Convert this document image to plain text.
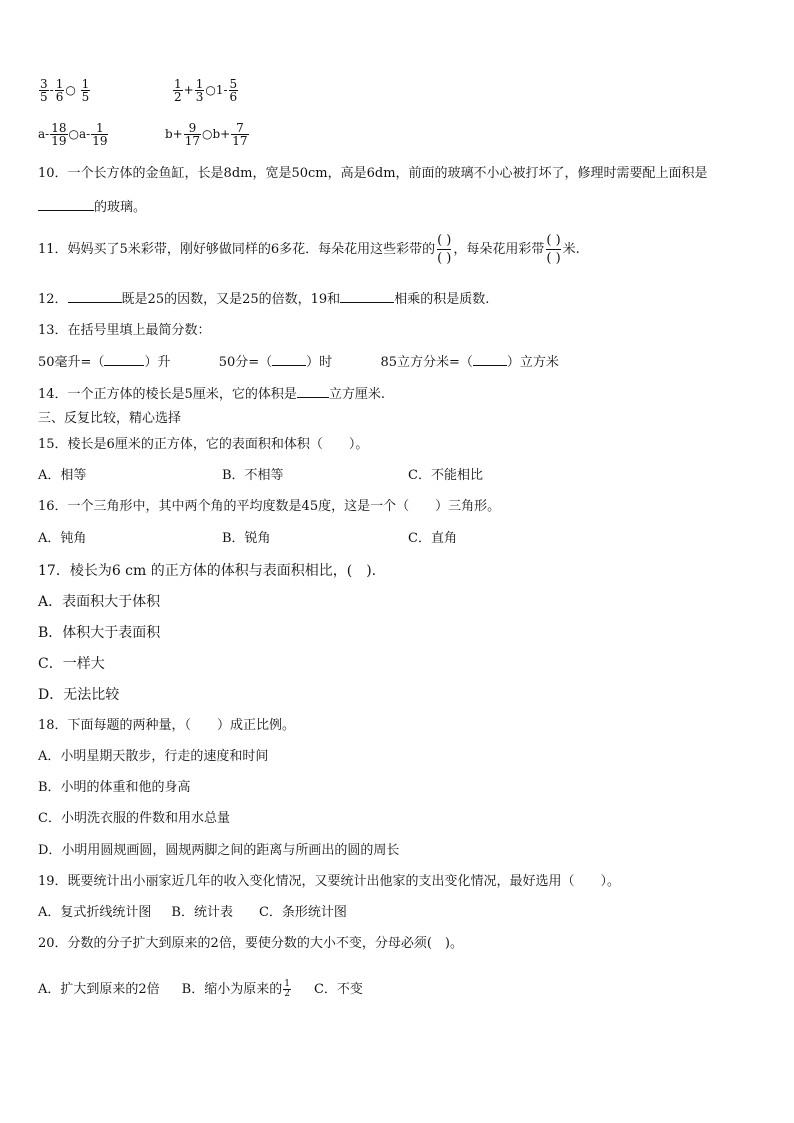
$\frac{3}{5} - \frac{1}{6}$ ○ $\frac{1}{5}$	$\frac{1}{2} + \frac{1}{3}$ ○1- $\frac{5}{6}$
$a- \frac{18}{19}$ ○a- $\frac{1}{19}$	$b+ \frac{9}{17}$ ○b+ $\frac{7}{17}$
10．一个长方体的金鱼缸，长是8dm，宽是50cm，高是6dm，前面的玻璃不小心被打坏了，修理时需要配上面积是
的玻璃。
11．妈妈买了5米彩带，刚好够做同样的6多花．每朵花用这些彩带的
( )
( )
，每朵花用彩带
( )
( )
米.
12．	既是25的因数，又是25的倍数，19和	相乘的积是质数.
13．在括号里填上最简分数：
50毫升=（	）升	50分=（	）时	85立方分米=（	）立方米
14．一个正方体的棱长是5厘米，它的体积是 立方厘米.
三、反复比较，精心选择
15．棱长是6厘米的正方体，它的表面积和体积（　　）。
A．相等	B．不相等	C．不能相比
16．一个三角形中，其中两个角的平均度数是45度，这是一个（　　）三角形。
A．钝角	B．锐角	C．直角
17．棱长为6 cm 的正方体的体积与表面积相比，(　).
A．表面积大于体积
B．体积大于表面积
C．一样大
D．无法比较
18．下面每题的两种量，（　　）成正比例。
A．小明星期天散步，行走的速度和时间
B．小明的体重和他的身高
C．小明洗衣服的件数和用水总量
D．小明用圆规画圆，圆规两脚之间的距离与所画出的圆的周长
19．既要统计出小丽家近几年的收入变化情况，又要统计出他家的支出变化情况，最好选用（　　）。
A．复式折线统计图 B．统计表 C．条形统计图
20．分数的分子扩大到原来的2倍，要使分数的大小不变，分母必须(　)。
A．扩大到原来的2倍 B．缩小为原来的 $\frac{1}{2}$ C．不变
